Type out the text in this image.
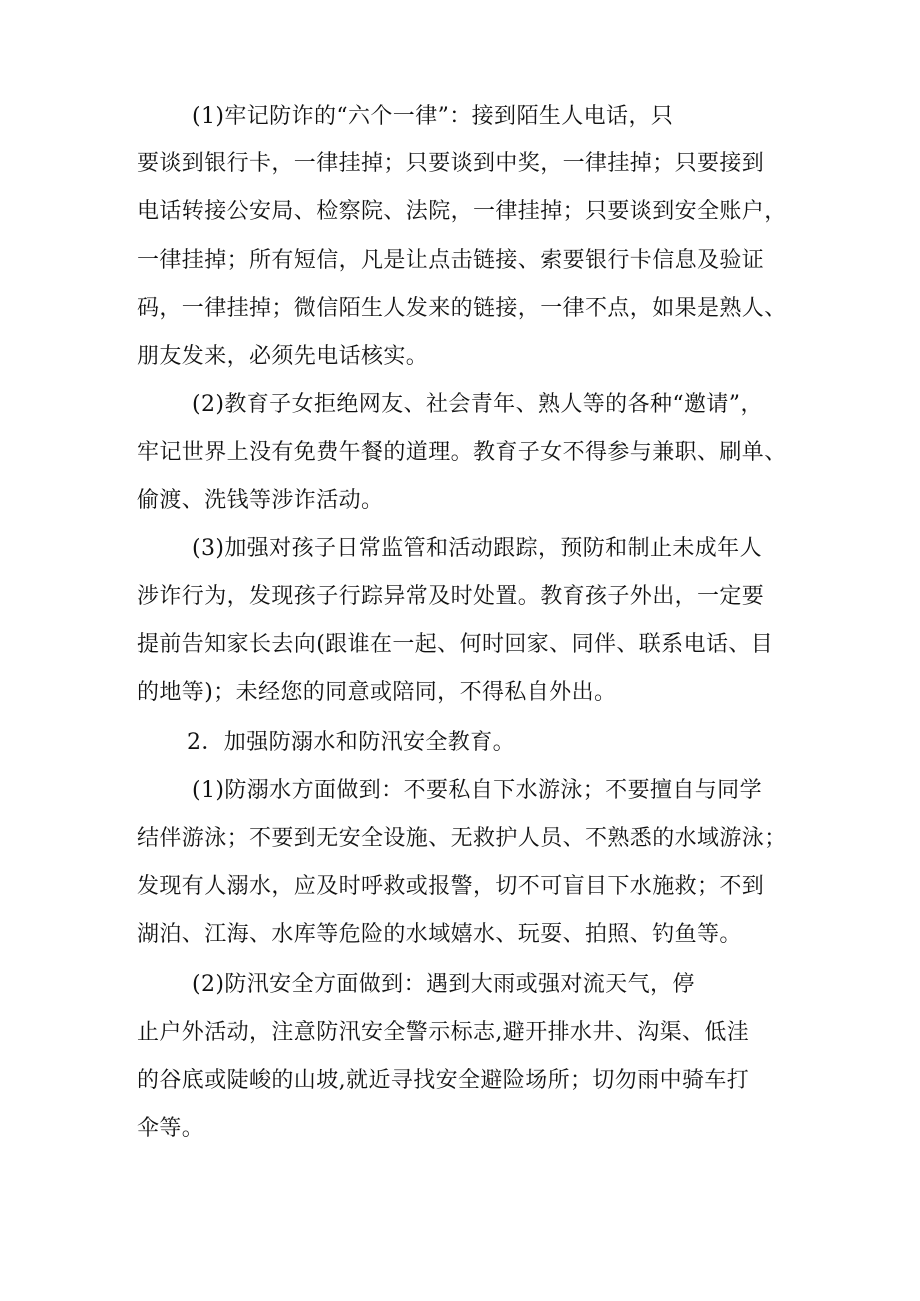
(1)牢记防诈的“六个一律”：接到陌生人电话，只
要谈到银行卡，一律挂掉；只要谈到中奖，一律挂掉；只要接到
电话转接公安局、检察院、法院，一律挂掉；只要谈到安全账户，
一律挂掉；所有短信，凡是让点击链接、索要银行卡信息及验证
码，一律挂掉；微信陌生人发来的链接，一律不点，如果是熟人、
朋友发来，必须先电话核实。
(2)教育子女拒绝网友、社会青年、熟人等的各种“邀请”，
牢记世界上没有免费午餐的道理。教育子女不得参与兼职、刷单、
偷渡、洗钱等涉诈活动。
(3)加强对孩子日常监管和活动跟踪，预防和制止未成年人
涉诈行为，发现孩子行踪异常及时处置。教育孩子外出，一定要
提前告知家长去向(跟谁在一起、何时回家、同伴、联系电话、目
的地等)；未经您的同意或陪同，不得私自外出。
2．加强防溺水和防汛安全教育。
(1)防溺水方面做到：不要私自下水游泳；不要擅自与同学
结伴游泳；不要到无安全设施、无救护人员、不熟悉的水域游泳；
发现有人溺水，应及时呼救或报警，切不可盲目下水施救；不到
湖泊、江海、水库等危险的水域嬉水、玩耍、拍照、钓鱼等。
(2)防汛安全方面做到：遇到大雨或强对流天气，停
止户外活动，注意防汛安全警示标志,避开排水井、沟渠、低洼
的谷底或陡峻的山坡,就近寻找安全避险场所；切勿雨中骑车打
伞等。
